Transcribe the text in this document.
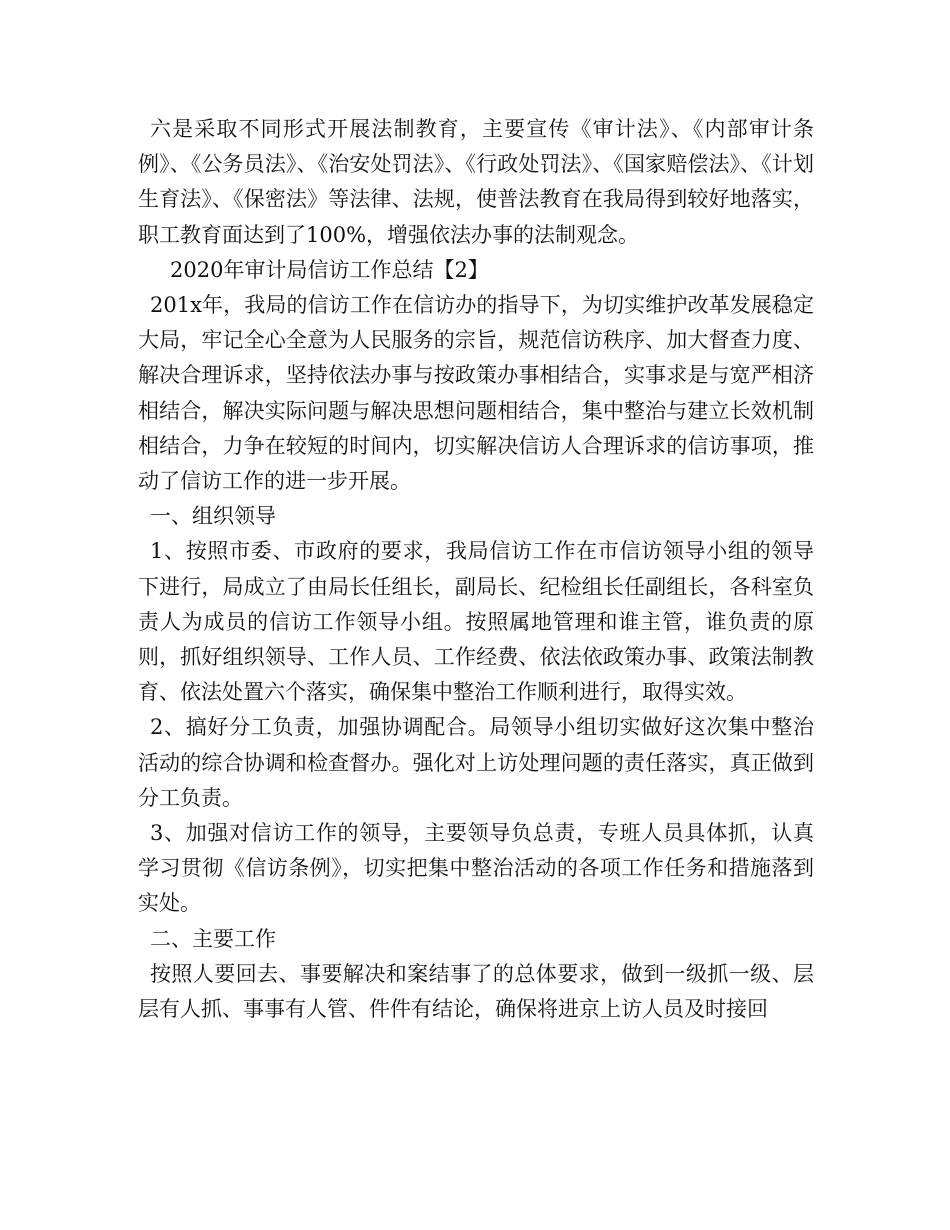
六是采取不同形式开展法制教育，主要宣传《审计法》、《内部审计条例》、《公务员法》、《治安处罚法》、《行政处罚法》、《国家赔偿法》、《计划生育法》、《保密法》等法律、法规，使普法教育在我局得到较好地落实，职工教育面达到了100%，增强依法办事的法制观念。

2020年审计局信访工作总结【2】

201x年，我局的信访工作在信访办的指导下，为切实维护改革发展稳定大局，牢记全心全意为人民服务的宗旨，规范信访秩序、加大督查力度、解决合理诉求，坚持依法办事与按政策办事相结合，实事求是与宽严相济相结合，解决实际问题与解决思想问题相结合，集中整治与建立长效机制相结合，力争在较短的时间内，切实解决信访人合理诉求的信访事项，推动了信访工作的进一步开展。

一、组织领导

1、按照市委、市政府的要求，我局信访工作在市信访领导小组的领导下进行，局成立了由局长任组长，副局长、纪检组长任副组长，各科室负责人为成员的信访工作领导小组。按照属地管理和谁主管，谁负责的原则，抓好组织领导、工作人员、工作经费、依法依政策办事、政策法制教育、依法处置六个落实，确保集中整治工作顺利进行，取得实效。

2、搞好分工负责，加强协调配合。局领导小组切实做好这次集中整治活动的综合协调和检查督办。强化对上访处理问题的责任落实，真正做到分工负责。

3、加强对信访工作的领导，主要领导负总责，专班人员具体抓，认真学习贯彻《信访条例》，切实把集中整治活动的各项工作任务和措施落到实处。

二、主要工作

按照人要回去、事要解决和案结事了的总体要求，做到一级抓一级、层层有人抓、事事有人管、件件有结论，确保将进京上访人员及时接回
